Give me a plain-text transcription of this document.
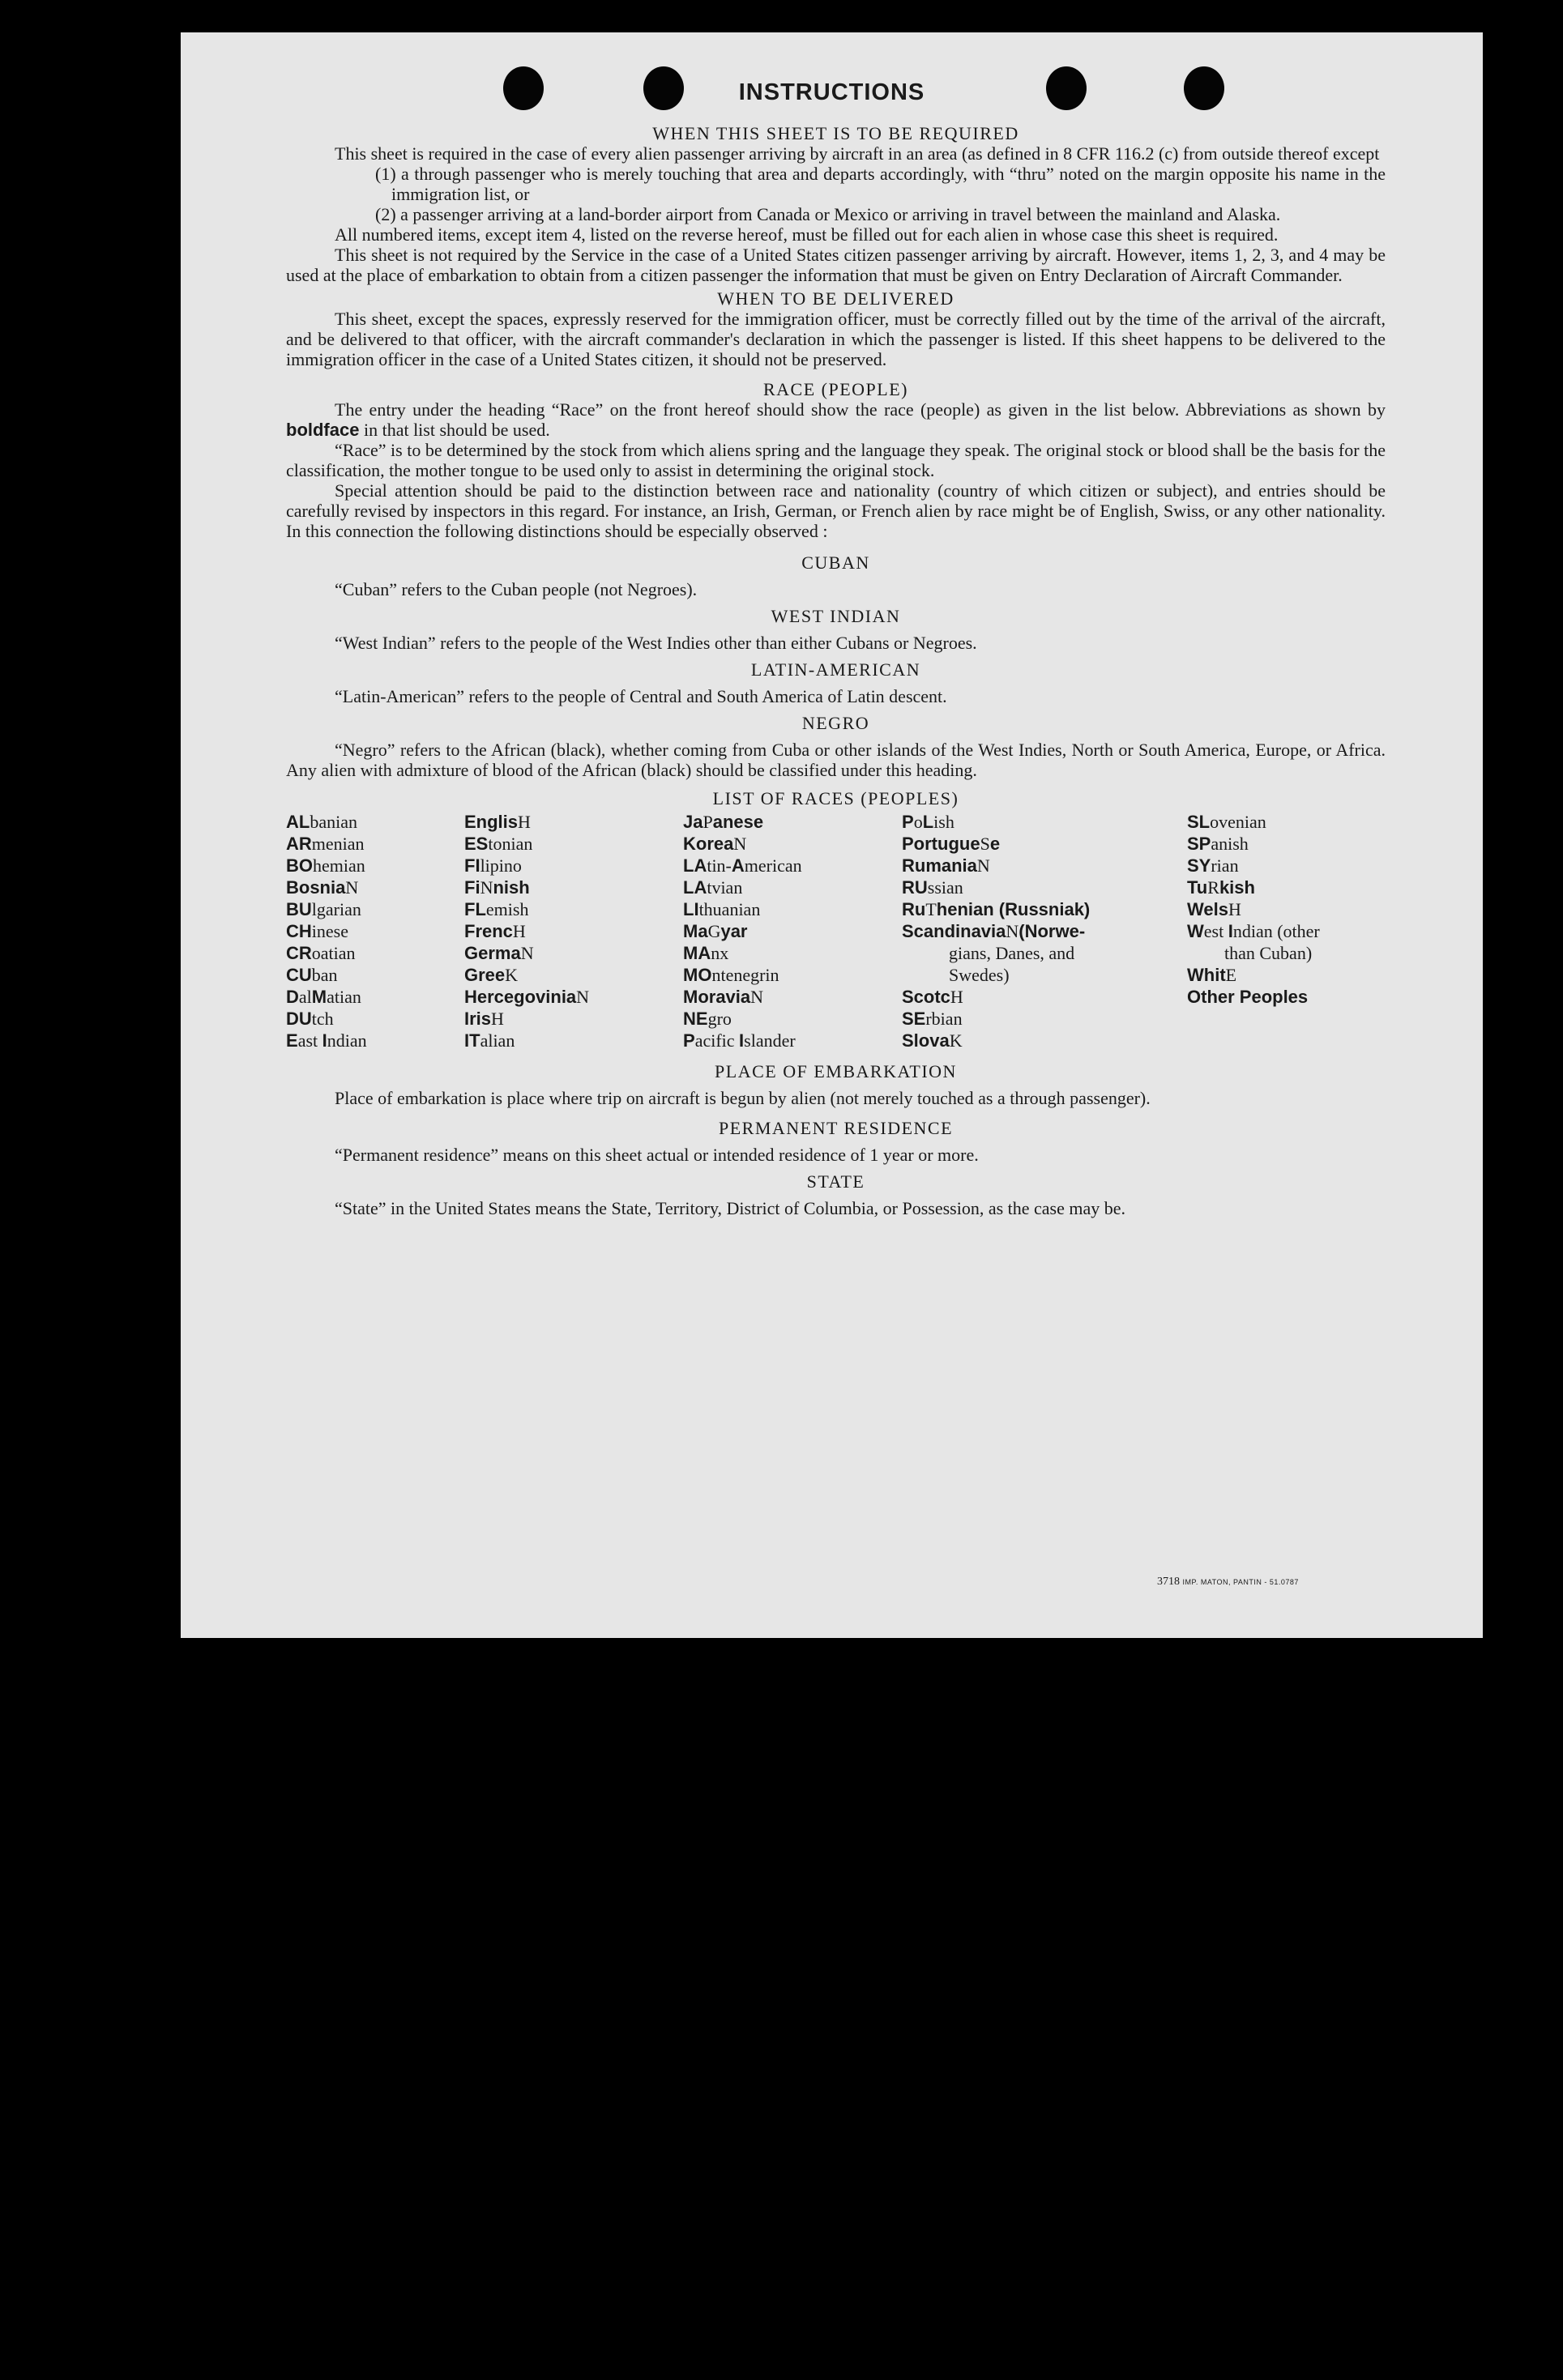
INSTRUCTIONS

WHEN THIS SHEET IS TO BE REQUIRED

This sheet is required in the case of every alien passenger arriving by aircraft in an area (as defined in 8 CFR 116.2 (c) from outside thereof except

(1) a through passenger who is merely touching that area and departs accordingly, with “thru” noted on the margin opposite his name in the immigration list, or

(2) a passenger arriving at a land-border airport from Canada or Mexico or arriving in travel between the mainland and Alaska.

All numbered items, except item 4, listed on the reverse hereof, must be filled out for each alien in whose case this sheet is required.

This sheet is not required by the Service in the case of a United States citizen passenger arriving by aircraft. However, items 1, 2, 3, and 4 may be used at the place of embarkation to obtain from a citizen passenger the information that must be given on Entry Declaration of Aircraft Commander.

WHEN TO BE DELIVERED

This sheet, except the spaces, expressly reserved for the immigration officer, must be correctly filled out by the time of the arrival of the aircraft, and be delivered to that officer, with the aircraft commander's declaration in which the passenger is listed. If this sheet happens to be delivered to the immigration officer in the case of a United States citizen, it should not be preserved.

RACE (PEOPLE)

The entry under the heading “Race” on the front hereof should show the race (people) as given in the list below. Abbreviations as shown by boldface in that list should be used.

“Race” is to be determined by the stock from which aliens spring and the language they speak. The original stock or blood shall be the basis for the classification, the mother tongue to be used only to assist in determining the original stock.

Special attention should be paid to the distinction between race and nationality (country of which citizen or subject), and entries should be carefully revised by inspectors in this regard. For instance, an Irish, German, or French alien by race might be of English, Swiss, or any other nationality. In this connection the following distinctions should be especially observed :

CUBAN

“Cuban” refers to the Cuban people (not Negroes).

WEST INDIAN

“West Indian” refers to the people of the West Indies other than either Cubans or Negroes.

LATIN-AMERICAN

“Latin-American” refers to the people of Central and South America of Latin descent.

NEGRO

“Negro” refers to the African (black), whether coming from Cuba or other islands of the West Indies, North or South America, Europe, or Africa. Any alien with admixture of blood of the African (black) should be classified under this heading.

LIST OF RACES (PEOPLES)

ALbanian
ARmenian
BOhemian
BosniaN
BUlgarian
CHinese
CRoatian
CUban
DalMatian
DUtch
East Indian
EnglisH
EStonian
FIlipino
FiNnish
FLemish
FrencH
GermaN
GreeK
HercegoviniaN
IrisH
ITalian
JaPanese
KoreaN
LAtin-American
LAtvian
LIthuanian
MaGyar
MAnx
MOntenegrin
MoraviaN
NEgro
Pacific Islander
PoLish
PortugueSe
RumaniaN
RUssian
RuThenian (Russniak)
ScandinaviaN(Norwe-
gians, Danes, and
Swedes)
ScotcH
SErbian
SlovaK
SLovenian
SPanish
SYrian
TuRkish
WelsH
West Indian (other
than Cuban)
WhitE
Other Peoples

PLACE OF EMBARKATION

Place of embarkation is place where trip on aircraft is begun by alien (not merely touched as a through passenger).

PERMANENT RESIDENCE

“Permanent residence” means on this sheet actual or intended residence of 1 year or more.

STATE

“State” in the United States means the State, Territory, District of Columbia, or Possession, as the case may be.

3718 IMP. MATON, PANTIN - 51.0787
